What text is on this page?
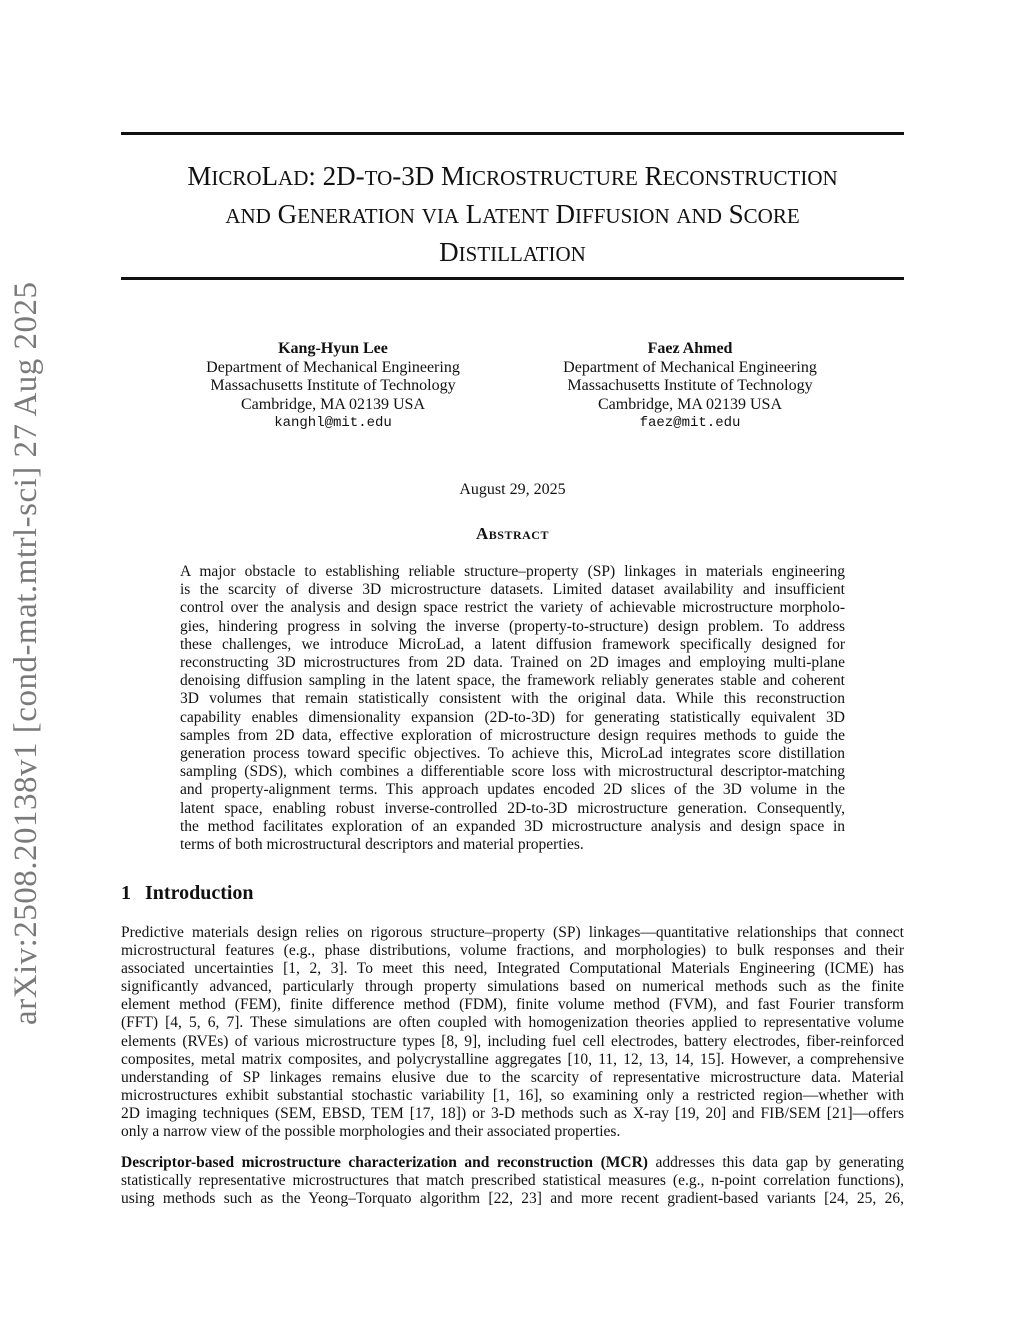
arXiv:2508.20138v1 [cond-mat.mtrl-sci] 27 Aug 2025
MICROLAD: 2D-TO-3D MICROSTRUCTURE RECONSTRUCTION
AND GENERATION VIA LATENT DIFFUSION AND SCORE
DISTILLATION
Kang-Hyun Lee
Department of Mechanical Engineering
Massachusetts Institute of Technology
Cambridge, MA 02139 USA
kanghl@mit.edu
Faez Ahmed
Department of Mechanical Engineering
Massachusetts Institute of Technology
Cambridge, MA 02139 USA
faez@mit.edu
August 29, 2025
Abstract
A major obstacle to establishing reliable structure–property (SP) linkages in materials engineering
is the scarcity of diverse 3D microstructure datasets. Limited dataset availability and insufficient
control over the analysis and design space restrict the variety of achievable microstructure morpholo-
gies, hindering progress in solving the inverse (property-to-structure) design problem. To address
these challenges, we introduce MicroLad, a latent diffusion framework specifically designed for
reconstructing 3D microstructures from 2D data. Trained on 2D images and employing multi-plane
denoising diffusion sampling in the latent space, the framework reliably generates stable and coherent
3D volumes that remain statistically consistent with the original data. While this reconstruction
capability enables dimensionality expansion (2D-to-3D) for generating statistically equivalent 3D
samples from 2D data, effective exploration of microstructure design requires methods to guide the
generation process toward specific objectives. To achieve this, MicroLad integrates score distillation
sampling (SDS), which combines a differentiable score loss with microstructural descriptor-matching
and property-alignment terms. This approach updates encoded 2D slices of the 3D volume in the
latent space, enabling robust inverse-controlled 2D-to-3D microstructure generation. Consequently,
the method facilitates exploration of an expanded 3D microstructure analysis and design space in
terms of both microstructural descriptors and material properties.
1 Introduction
Predictive materials design relies on rigorous structure–property (SP) linkages—quantitative relationships that connect
microstructural features (e.g., phase distributions, volume fractions, and morphologies) to bulk responses and their
associated uncertainties [1, 2, 3]. To meet this need, Integrated Computational Materials Engineering (ICME) has
significantly advanced, particularly through property simulations based on numerical methods such as the finite
element method (FEM), finite difference method (FDM), finite volume method (FVM), and fast Fourier transform
(FFT) [4, 5, 6, 7]. These simulations are often coupled with homogenization theories applied to representative volume
elements (RVEs) of various microstructure types [8, 9], including fuel cell electrodes, battery electrodes, fiber-reinforced
composites, metal matrix composites, and polycrystalline aggregates [10, 11, 12, 13, 14, 15]. However, a comprehensive
understanding of SP linkages remains elusive due to the scarcity of representative microstructure data. Material
microstructures exhibit substantial stochastic variability [1, 16], so examining only a restricted region—whether with
2D imaging techniques (SEM, EBSD, TEM [17, 18]) or 3-D methods such as X-ray [19, 20] and FIB/SEM [21]—offers
only a narrow view of the possible morphologies and their associated properties.
Descriptor-based microstructure characterization and reconstruction (MCR) addresses this data gap by generating
statistically representative microstructures that match prescribed statistical measures (e.g., n-point correlation functions),
using methods such as the Yeong–Torquato algorithm [22, 23] and more recent gradient-based variants [24, 25, 26,
